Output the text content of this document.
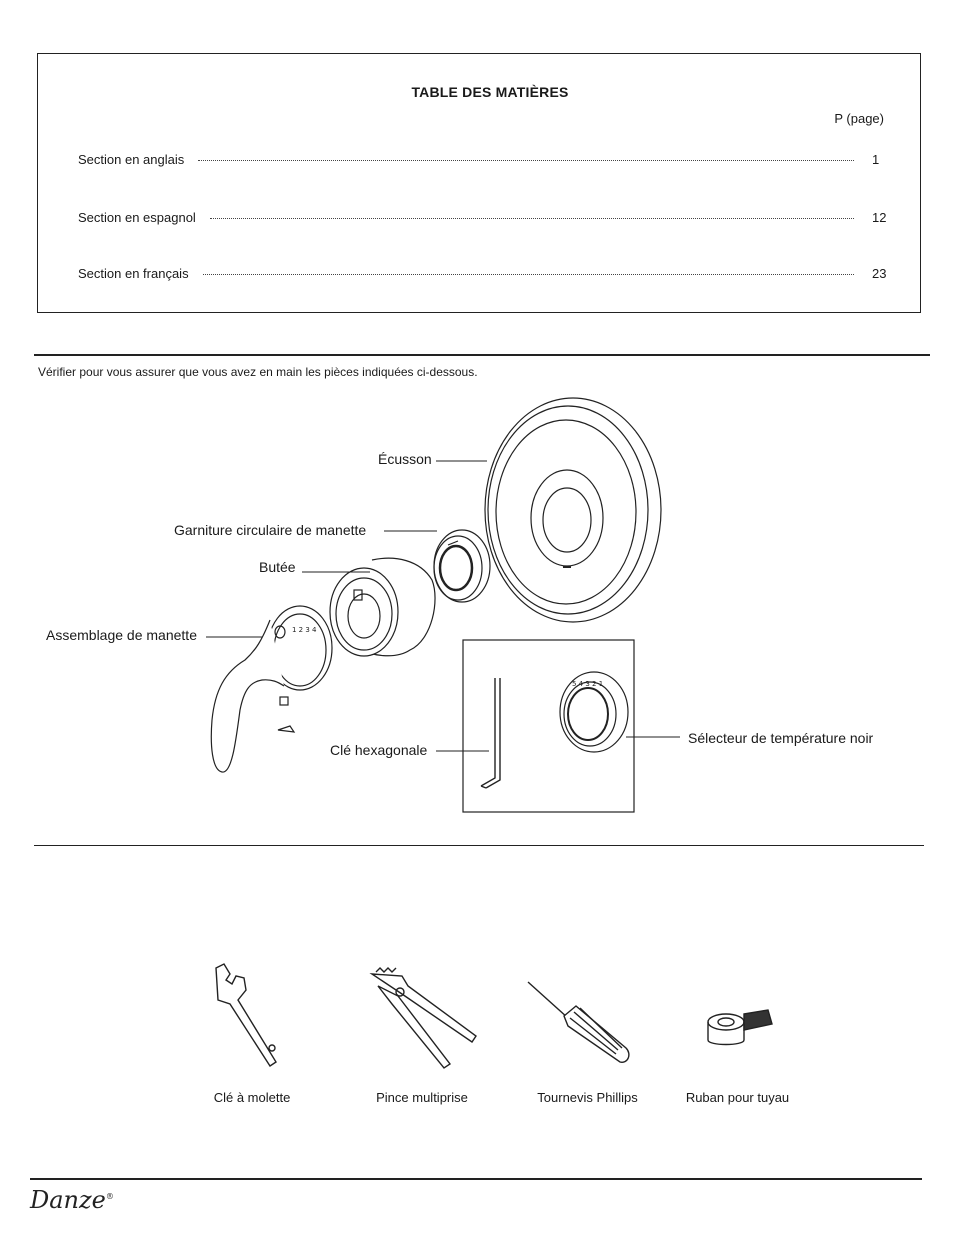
TABLE DES MATIÈRES
P (page)
Section en anglais	1
Section en espagnol	12
Section en français	23
Vérifier pour vous assurer que vous avez en main les pièces indiquées ci-dessous.
1 2 3 4
5 4 3 2 1
Écusson
Garniture circulaire de manette
Butée
Assemblage de manette
Clé hexagonale
Sélecteur de température noir
Clé à molette	Pince multiprise	Tournevis Phillips	Ruban pour tuyau
Danze®
